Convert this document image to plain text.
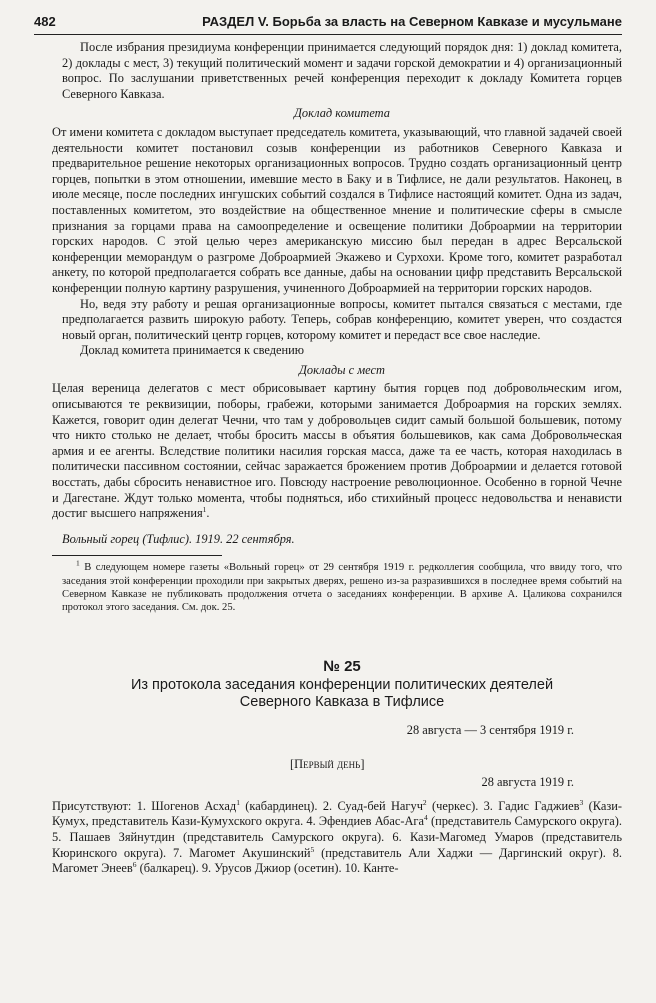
482	РАЗДЕЛ V. Борьба за власть на Северном Кавказе и мусульмане

После избрания президиума конференции принимается следующий порядок дня: 1) доклад комитета, 2) доклады с мест, 3) текущий политический момент и задачи горской демократии и 4) организационный вопрос. По заслушании приветственных речей конференция переходит к докладу Комитета горцев Северного Кавказа.

Доклад комитета

От имени комитета с докладом выступает председатель комитета, указывающий, что главной задачей своей деятельности комитет постановил созыв конференции из работников Северного Кавказа и предварительное решение некоторых организационных вопросов. Трудно создать организационный центр горцев, попытки в этом отношении, имевшие место в Баку и в Тифлисе, не дали результатов. Наконец, в июле месяце, после последних ингушских событий создался в Тифлисе настоящий комитет. Одна из задач, поставленных комитетом, это воздействие на общественное мнение и политические сферы в смысле признания за горцами права на самоопределение и освещение политики Доброармии на территории горских народов. С этой целью через американскую миссию был передан в адрес Версальской конференции меморандум о разгроме Доброармией Экажево и Сурхохи. Кроме того, комитет разработал анкету, по которой предполагается собрать все данные, дабы на основании цифр представить Версальской конференции полную картину разрушения, учиненного Доброармией на территории горских народов.

Но, ведя эту работу и решая организационные вопросы, комитет пытался связаться с местами, где предполагается развить широкую работу. Теперь, собрав конференцию, комитет уверен, что создастся новый орган, политический центр горцев, которому комитет и передаст все свое наследие.

Доклад комитета принимается к сведению

Доклады с мест

Целая вереница делегатов с мест обрисовывает картину бытия горцев под добровольческим игом, описываются те реквизиции, поборы, грабежи, которыми занимается Доброармия на горских землях. Кажется, говорит один делегат Чечни, что там у добровольцев сидит самый большой большевик, потому что никто столько не делает, чтобы бросить массы в объятия большевиков, как сама Добровольческая армия и ее агенты. Вследствие политики насилия горская масса, даже та ее часть, которая находилась в политически пассивном состоянии, сейчас заражается брожением против Доброармии и делается готовой восстать, дабы сбросить ненавистное иго. Повсюду настроение революционное. Особенно в горной Чечне и Дагестане. Ждут только момента, чтобы подняться, ибо стихийный процесс недовольства и ненависти достиг высшего напряжения$^1$.

Вольный горец (Тифлис). 1919. 22 сентября.

$^1$ В следующем номере газеты «Вольный горец» от 29 сентября 1919 г. редколлегия сообщила, что ввиду того, что заседания этой конференции проходили при закрытых дверях, решено из-за разразившихся в последнее время событий на Северном Кавказе не публиковать продолжения отчета о заседаниях конференции. В архиве А. Цаликова сохранился протокол этого заседания. См. док. 25.

№ 25
Из протокола заседания конференции политических деятелей
Северного Кавказа в Тифлисе
28 августа — 3 сентября 1919 г.
[Первый день]
28 августа 1919 г.

Присутствуют: 1. Шогенов Асхад$^1$ (кабардинец). 2. Суад-бей Нагуч$^2$ (черкес). 3. Гадис Гаджиев$^3$ (Кази-Кумух, представитель Кази-Кумухского округа. 4. Эфендиев Абас-Ага$^4$ (представитель Самурского округа). 5. Пашаев Зяйнутдин (представитель Самурского округа). 6. Кази-Магомед Умаров (представитель Кюринского округа). 7. Магомет Акушинский$^5$ (представитель Али Хаджи — Даргинский округ). 8. Магомет Энеев$^6$ (балкарец). 9. Урусов Джиор (осетин). 10. Канте-
